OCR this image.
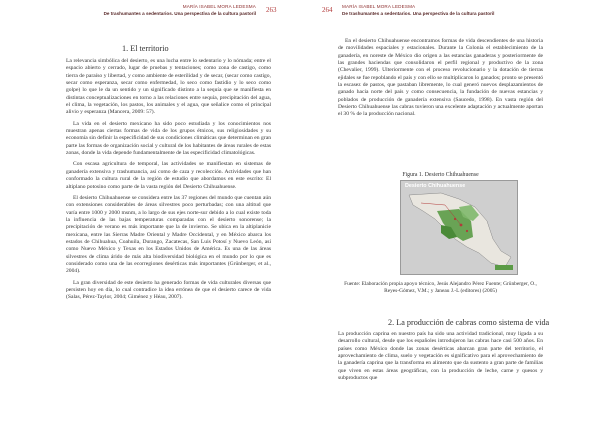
MARÍA ISABEL MORA LEDESMA
De trashumantes a sedentarios. Una perspectiva de la cultura pastoril 263
1. El territorio

La relevancia simbólica del desierto, es una lucha entre lo sedentario y lo nómada; entre el espacio abierto y cerrado, lugar de pruebas y tentaciones; como zona de castigo, como tierra de paraíso y libertad, y como ambiente de esterilidad y de secar, (secar como castigo, secar como esperanza, secar como enfermedad, lo seco como fastidio y lo seco como golpe) lo que le da un sentido y un significado distinto a la sequía que se manifiesta en distintas conceptualizaciones en torno a las relaciones entre sequía, precipitación del agua, el clima, la vegetación, los pastos, los animales y el agua, que señalice como el principal alivio y esperanza (Mancera, 2009: 57).

La vida en el desierto mexicano ha sido poco estudiada y los conocimientos nos muestran apenas ciertas formas de vida de los grupos étnicos, sus religiosidades y su economía sin definir la especificidad de sus condiciones climáticas que determinan en gran parte las formas de organización social y cultural de los habitantes de áreas rurales de estas zonas, donde la vida depende fundamentalmente de las especificidad climatológicas.

Con escasa agricultura de temporal, las actividades se manifiestan en sistemas de ganadería extensiva y trashumancia, así como de caza y recolección. Actividades que han conformado la cultura rural de la región de estudio que abordamos en este escrito: El altiplano potosino como parte de la vasta región del Desierto Chihuahuense.

El desierto Chihuahuense se considera entre las 37 regiones del mundo que cuentan aún con extensiones considerables de áreas silvestres poco perturbadas; con una altitud que varía entre 1000 y 2000 msnm, a lo largo de sus ejes norte-sur debido a lo cual existe toda la influencia de las bajas temperaturas comparadas con el desierto sonorense; la precipitación de verano es más importante que la de invierno. Se ubica en la altiplanicie mexicana, entre las Sierras Madre Oriental y Madre Occidental, y en México abarca los estados de Chihuahua, Coahuila, Durango, Zacatecas, San Luis Potosí y Nuevo León, así como Nuevo México y Texas en los Estados Unidos de América. Es una de las áreas silvestres de clima árido de más alta biodiversidad biológica en el mundo por lo que es considerado como una de las ecorregiones desérticas más importantes (Grünberger, et al., 2004).

La gran diversidad de este desierto ha generado formas de vida culturales diversas que persisten hoy en día, lo cual contradice la idea errónea de que el desierto carece de vida (Salas, Pérez-Taylor, 2004; Giménez y Héau, 2007).

264 MARÍA ISABEL MORA LEDESMA
De trashumantes a sedentarios. Una perspectiva de la cultura pastoril

En el desierto Chihuahuense encontramos formas de vida descendientes de una historia de movilidades espaciales y estacionales. Durante la Colonia el establecimiento de la ganadería, en noreste de México dio origen a las estancias ganaderas y posteriormente de las grandes haciendas que consolidaron el perfil regional y productivo de la zona (Chevalier, 1999). Ulteriormente con el proceso revolucionario y la dotación de tierras ejidales se fue repoblando el país y con ello se multiplicaron lo ganados; pronto se presentó la escasez de pastos, que pastaban libremente, lo cual generó nuevos desplazamientos de ganado hacia norte del país y como consecuencia, la fundación de nuevas estancias y poblados de producción de ganadería extensiva (Saucedo, 1998). En vasta región del Desierto Chihuahuense las cabras tuvieron una excelente adaptación y actualmente aportan el 30 % de la producción nacional.

Figura 1. Desierto Chihuahuense
Desierto Chihuahuense
Fuente: Elaboración propia apoyo técnico, Jesús Alejandro Pérez Fuente; Grünberger, O., Reyes-Gómez, V.M.; y Janeau J.-L (editores) (2005)
2. La producción de cabras como sistema de vida

La producción caprina en nuestro país ha sido una actividad tradicional, muy ligada a su desarrollo cultural, desde que los españoles introdujeron las cabras hace casi 500 años. En países como México donde las zonas desérticas abarcan gran parte del territorio, el aprovechamiento de clima, suelo y vegetación es significativo para el aprovechamiento de la ganadería caprina que la transforma en alimento que da sustento a gran parte de familias que viven en estas áreas geográficas, con la producción de leche, carne y quesos y subproductos que
